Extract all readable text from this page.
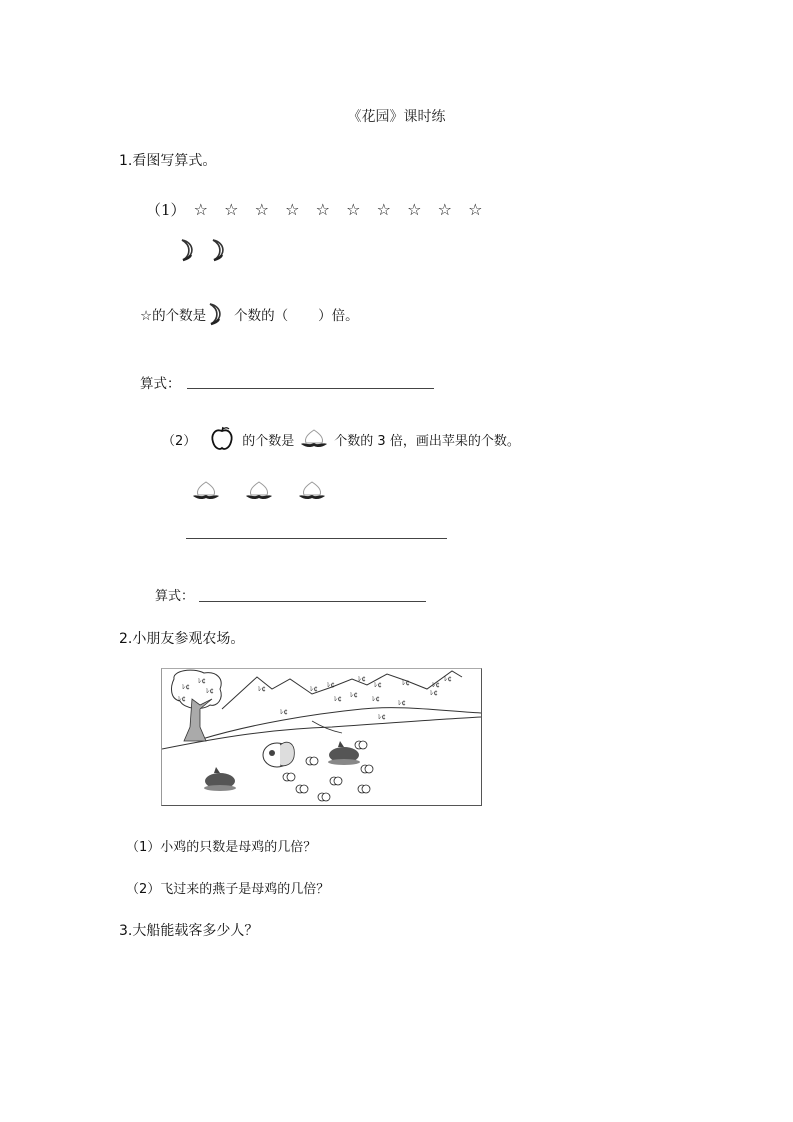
《花园》课时练
1.看图写算式。
（1） ☆	☆	☆	☆	☆	☆	☆	☆	☆	☆

☆的个数是 个数的（ ）倍。
算式：
（2）	的个数是	个数的 3 倍，画出苹果的个数。
算式：
2.小朋友参观农场。
ﾚ¢
ﾚ¢
ﾚ¢
ﾚ¢	ﾚ¢
ﾚ¢
ﾚ¢ ﾚ¢
ﾚ¢
ﾚ¢
ﾚ¢
ﾚ¢
ﾚ¢
ﾚ¢
ﾚ¢
ﾚ¢
ﾚ¢
ﾚ¢
ﾚ¢
（1）小鸡的只数是母鸡的几倍？
（2）飞过来的燕子是母鸡的几倍？
3.大船能载客多少人？
